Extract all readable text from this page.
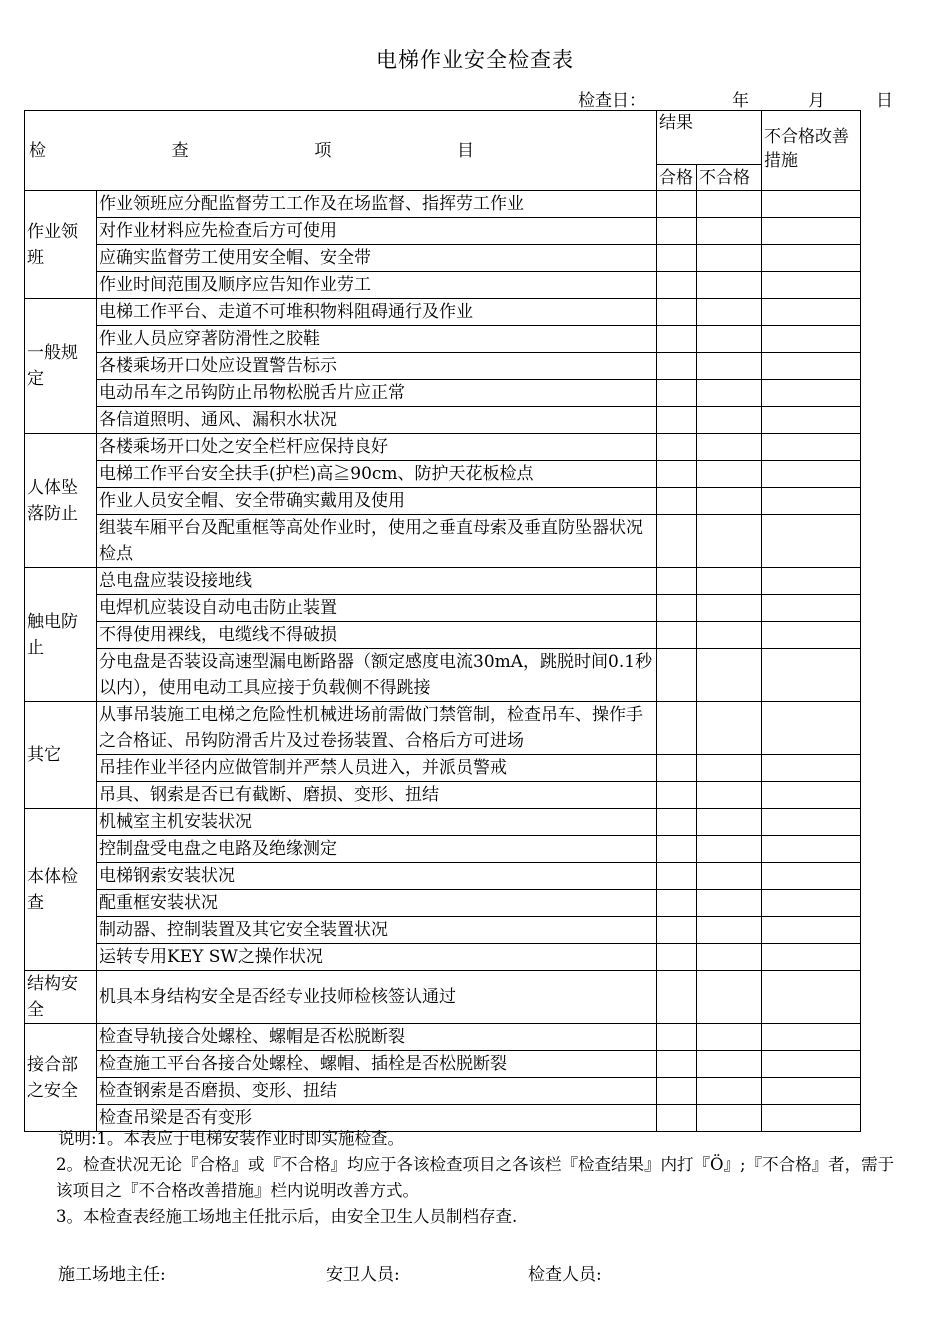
电梯作业安全检查表
检查日：	年	月	日
检 查 项 目		结果		不合格改善措施
		合格	不合格	
作业领班	作业领班应分配监督劳工工作及在场监督、指挥劳工作业			
	对作业材料应先检查后方可使用			
	应确实监督劳工使用安全帽、安全带			
	作业时间范围及顺序应告知作业劳工			
一般规定	电梯工作平台、走道不可堆积物料阻碍通行及作业			
	作业人员应穿著防滑性之胶鞋			
	各楼乘场开口处应设置警告标示			
	电动吊车之吊钩防止吊物松脱舌片应正常			
	各信道照明、通风、漏积水状况			
人体坠落防止	各楼乘场开口处之安全栏杆应保持良好			
	电梯工作平台安全扶手(护栏)高≧90cm、防护天花板检点			
	作业人员安全帽、安全带确实戴用及使用			
	组装车厢平台及配重框等高处作业时，使用之垂直母索及垂直防坠器状况检点			
触电防止	总电盘应装设接地线			
	电焊机应装设自动电击防止装置			
	不得使用裸线，电缆线不得破损			
	分电盘是否装设高速型漏电断路器（额定感度电流30mA，跳脱时间0.1秒以内），使用电动工具应接于负载侧不得跳接			
其它	从事吊装施工电梯之危险性机械进场前需做门禁管制，检查吊车、操作手之合格证、吊钩防滑舌片及过卷扬装置、合格后方可进场			
	吊挂作业半径内应做管制并严禁人员进入，并派员警戒			
	吊具、钢索是否已有截断、磨损、变形、扭结			
本体检查	机械室主机安装状况			
	控制盘受电盘之电路及绝缘测定			
	电梯钢索安装状况			
	配重框安装状况			
	制动器、控制装置及其它安全装置状况			
	运转专用KEY SW之操作状况			
结构安全	机具本身结构安全是否经专业技师检核签认通过			
接合部之安全	检查导轨接合处螺栓、螺帽是否松脱断裂			
	检查施工平台各接合处螺栓、螺帽、插栓是否松脱断裂			
	检查钢索是否磨损、变形、扭结			
	检查吊梁是否有变形			

说明:1。本表应于电梯安装作业时即实施检查。

2。检查状况无论『合格』或『不合格』均应于各该检查项目之各该栏『检查结果』内打『Ö』;『不合格』者，需于该项目之『不合格改善措施』栏内说明改善方式。

3。本检查表经施工场地主任批示后，由安全卫生人员制档存查.

施工场地主任:	安卫人员:	检查人员:
